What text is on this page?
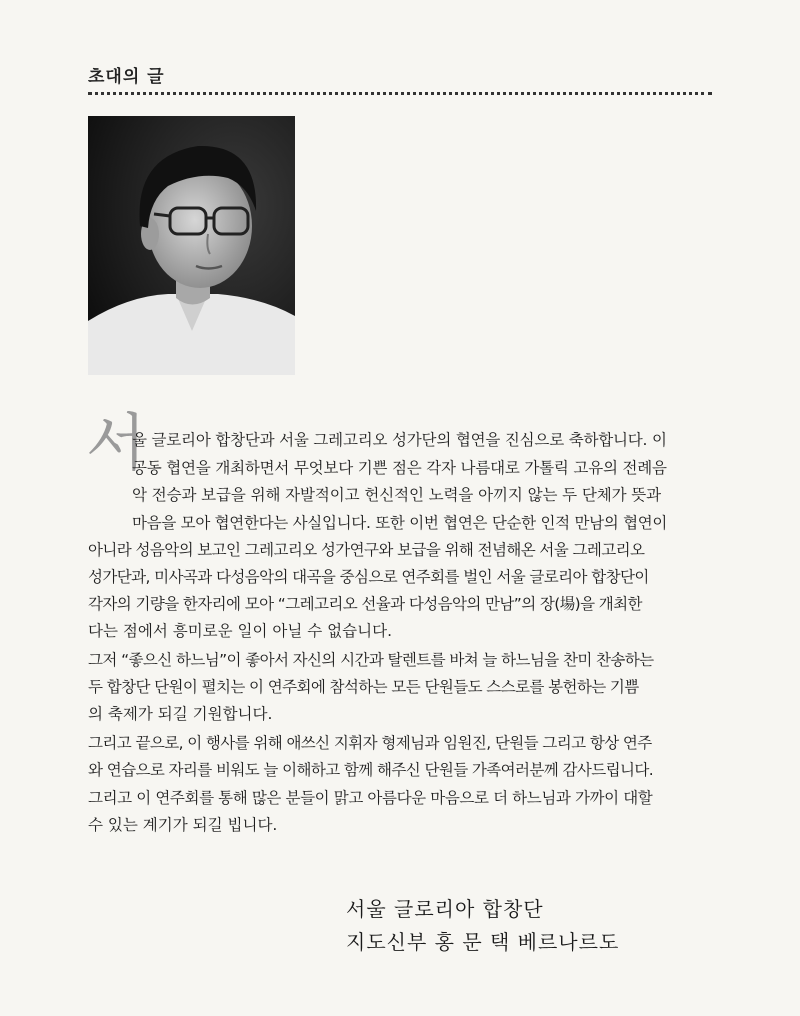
초대의 글
서
울 글로리아 합창단과 서울 그레고리오 성가단의 협연을 진심으로 축하합니다. 이
공동 협연을 개최하면서 무엇보다 기쁜 점은 각자 나름대로 가톨릭 고유의 전례음
악 전승과 보급을 위해 자발적이고 헌신적인 노력을 아끼지 않는 두 단체가 뜻과
마음을 모아 협연한다는 사실입니다. 또한 이번 협연은 단순한 인적 만남의 협연이
아니라 성음악의 보고인 그레고리오 성가연구와 보급을 위해 전념해온 서울 그레고리오
성가단과, 미사곡과 다성음악의 대곡을 중심으로 연주회를 벌인 서울 글로리아 합창단이
각자의 기량을 한자리에 모아 “그레고리오 선율과 다성음악의 만남”의 장(場)을 개최한
다는 점에서 흥미로운 일이 아닐 수 없습니다.
그저 “좋으신 하느님”이 좋아서 자신의 시간과 탈렌트를 바쳐 늘 하느님을 찬미 찬송하는
두 합창단 단원이 펼치는 이 연주회에 참석하는 모든 단원들도 스스로를 봉헌하는 기쁨
의 축제가 되길 기원합니다.
그리고 끝으로, 이 행사를 위해 애쓰신 지휘자 형제님과 임원진, 단원들 그리고 항상 연주
와 연습으로 자리를 비워도 늘 이해하고 함께 해주신 단원들 가족여러분께 감사드립니다.
그리고 이 연주회를 통해 많은 분들이 맑고 아름다운 마음으로 더 하느님과 가까이 대할
수 있는 계기가 되길 빕니다.
서울 글로리아 합창단
지도신부 홍 문 택 베르나르도
